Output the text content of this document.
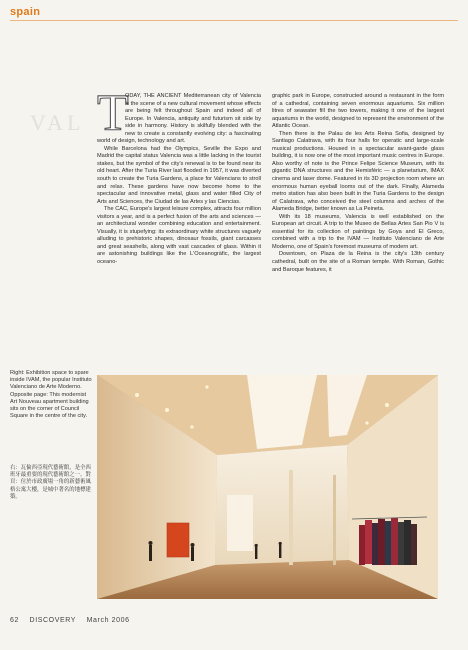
spain
VAL T

ODAY, THE ANCIENT Mediterranean city of Valencia is the scene of a new cultural movement whose effects are being felt throughout Spain and indeed all of Europe. In Valencia, antiquity and futurism sit side by side in harmony. History is skilfully blended with the new to create a constantly evolving city: a fascinating world of design, technology and art.

While Barcelona had the Olympics, Seville the Expo and Madrid the capital status Valencia was a little lacking in the tourist stakes, but the symbol of the city's renewal is to be found near its old heart. After the Turia River last flooded in 1957, it was diverted south to create the Turia Gardens, a place for Valencians to stroll and relax. These gardens have now become home to the spectacular and innovative metal, glass and water filled City of Arts and Sciences, the Ciudad de las Artes y las Ciencias.

The CAC, Europe's largest leisure complex, attracts four million visitors a year, and is a perfect fusion of the arts and sciences — an architectural wonder combining education and entertainment. Visually, it is stupefying: its extraordinary white structures vaguely alluding to prehistoric shapes, dinosaur fossils, giant carcasses and great seashells, along with vast cascades of glass. Within it are astonishing buildings like the L'Oceanogràfic, the largest oceano-

graphic park in Europe, constructed around a restaurant in the form of a cathedral, containing seven enormous aquariums. Six million litres of seawater fill the two towers, making it one of the largest aquariums in the world, designed to represent the environment of the Atlantic Ocean.

Then there is the Palau de les Arts Reina Sofia, designed by Santiago Calatrava, with its four halls for operatic and large-scale musical productions. Housed in a spectacular avant-garde glass building, it is now one of the most important music centres in Europe. Also worthy of note is the Prince Felipe Science Museum, with its gigantic DNA structures and the Hemisfèric — a planetarium, IMAX cinema and laser dome. Featured in its 3D projection room where an enormous human eyeball looms out of the dark. Finally, Alameda metro station has also been built in the Turia Gardens to the design of Calatrava, who conceived the steel columns and arches of the Alameda Bridge, better known as La Peineta.

With its 18 museums, Valencia is well established on the European art circuit. A trip to the Museo de Bellas Artes San Pio V is essential for its collection of paintings by Goya and El Greco, combined with a trip to the IVAM — Instituto Valenciano de Arte Moderno, one of Spain's foremost museums of modern art.

Downtown, on Plaza de la Reina is the city's 13th century cathedral, built on the site of a Roman temple. With Roman, Gothic and Baroque features, it

Right: Exhibition space to spare inside IVAM, the popular Instituto Valenciano de Arte Moderno. Opposite page: This modernist Art Nouveau apartment building sits on the corner of Council Square in the centre of the city.
右：瓦倫西亞現代藝術館，是全西班牙最重要的現代藝術館之一。對頁：位於市政廣場一角的新藝術風格公寓大樓，是城中著名的地標建築。
62 DISCOVERY March 2006
